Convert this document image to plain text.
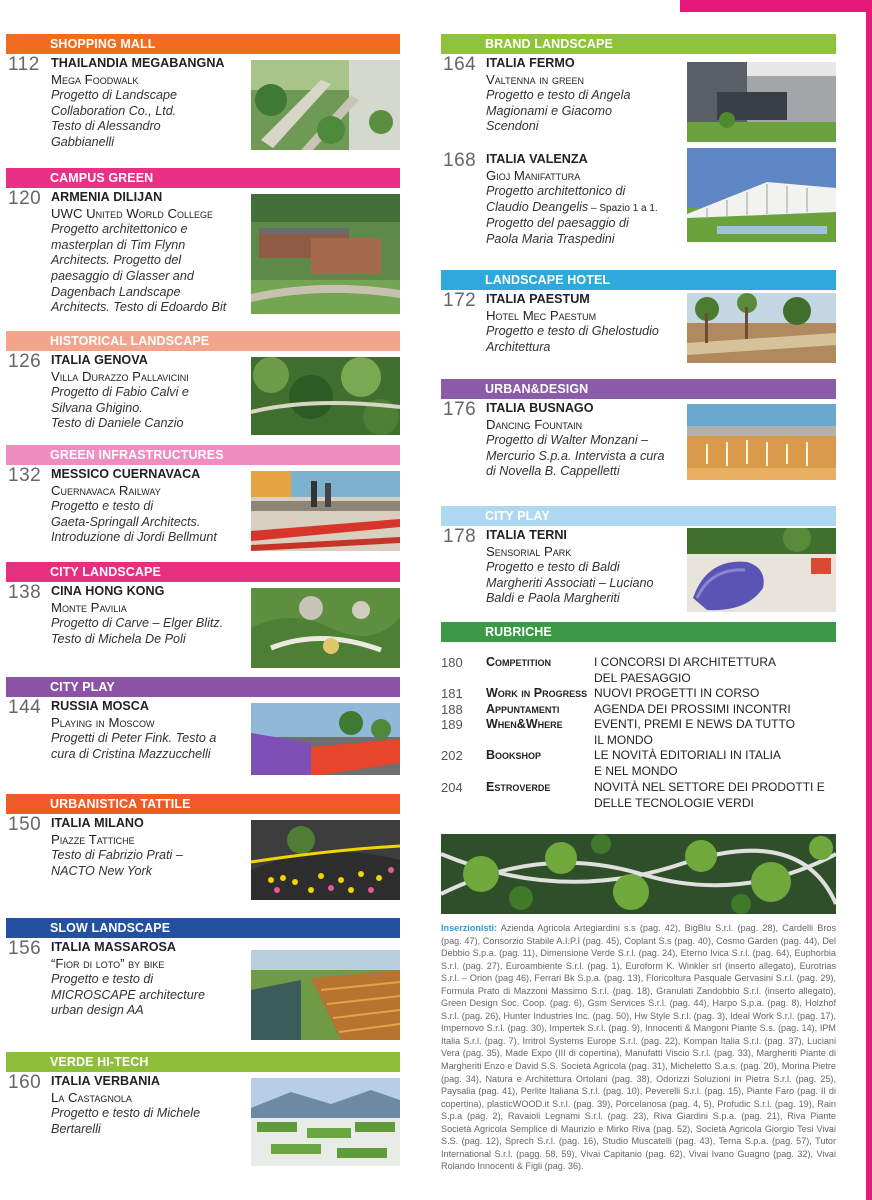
SHOPPING MALL
112 THAILANDIA MEGABANGNA
Mega Foodwalk
Progetto di Landscape
Collaboration Co., Ltd.
Testo di Alessandro
Gabbianelli
CAMPUS GREEN
120 ARMENIA DILIJAN
UWC United World College
Progetto architettonico e
masterplan di Tim Flynn
Architects. Progetto del
paesaggio di Glasser and
Dagenbach Landscape
Architects. Testo di Edoardo Bit
HISTORICAL LANDSCAPE
126 ITALIA GENOVA
Villa Durazzo Pallavicini
Progetto di Fabio Calvi e
Silvana Ghigino.
Testo di Daniele Canzio
GREEN INFRASTRUCTURES
132 MESSICO CUERNAVACA
Cuernavaca Railway
Progetto e testo di
Gaeta-Springall Architects.
Introduzione di Jordi Bellmunt
CITY LANDSCAPE
138 CINA HONG KONG
Monte Pavilia
Progetto di Carve – Elger Blitz.
Testo di Michela De Poli
CITY PLAY
144 RUSSIA MOSCA
Playing in Moscow
Progetti di Peter Fink. Testo a
cura di Cristina Mazzucchelli
URBANISTICA TATTILE
150 ITALIA MILANO
Piazze Tattiche
Testo di Fabrizio Prati –
NACTO New York
SLOW LANDSCAPE
156 ITALIA MASSAROSA
“Fior di loto” by bike
Progetto e testo di
MICROSCAPE architecture
urban design AA
VERDE HI-TECH
160 ITALIA VERBANIA
La Castagnola
Progetto e testo di Michele
Bertarelli
BRAND LANDSCAPE
164 ITALIA FERMO
Valtenna in green
Progetto e testo di Angela
Magionami e Giacomo
Scendoni
168 ITALIA VALENZA
Gioj Manifattura
Progetto architettonico di
Claudio Deangelis – Spazio 1 a 1.
Progetto del paesaggio di
Paola Maria Traspedini
LANDSCAPE HOTEL
172 ITALIA PAESTUM
Hotel Mec Paestum
Progetto e testo di Ghelostudio
Architettura
URBAN&DESIGN
176 ITALIA BUSNAGO
Dancing Fountain
Progetto di Walter Monzani –
Mercurio S.p.a. Intervista a cura
di Novella B. Cappelletti
CITY PLAY
178 ITALIA TERNI
Sensorial Park
Progetto e testo di Baldi
Margheriti Associati – Luciano
Baldi e Paola Margheriti
RUBRICHE
180	Competition	I CONCORSI DI ARCHITETTURA
DEL PAESAGGIO
181	Work in Progress NUOVI PROGETTI IN CORSO
188	Appuntamenti	AGENDA DEI PROSSIMI INCONTRI
189	When&Where	EVENTI, PREMI E NEWS DA TUTTO
IL MONDO
202	Bookshop	LE NOVITÀ EDITORIALI IN ITALIA
E NEL MONDO
204	Estroverde	NOVITÀ NEL SETTORE DEI PRODOTTI E
DELLE TECNOLOGIE VERDI
Inserzionisti: Azienda Agricola Artegiardini s.s (pag. 42), BigBlu S.r.l. (pag. 28), Cardelli Bros (pag. 47), Consorzio Stabile A.I.P.I (pag. 45), Coplant S.s (pag. 40), Cosmo Garden (pag. 44), Del Debbio S.p.a. (pag. 11), Dimensione Verde S.r.l. (pag. 24), Eterno Ivica S.r.l. (pag. 64), Euphorbia S.r.l. (pag. 27), Euroambiente S.r.l. (pag. 1), Euroform K. Winkler srl (inserto allegato), Eurotrias S.r.l. – Orion (pag 46), Ferrari Bk S.p.a. (pag. 13), Floricoltura Pasquale Gervasini S.r.l. (pag. 29), Formula Prato di Mazzoni Massimo S.r.l. (pag. 18), Granulati Zandobbio S.r.l. (inserto allegato), Green Design Soc. Coop. (pag. 6), Gsm Services S.r.l. (pag. 44), Harpo S.p.a. (pag. 8), Holzhof S.r.l. (pag. 26), Hunter Industries Inc. (pag. 50), Hw Style S.r.l. (pag. 3), Ideal Work S.r.l. (pag. 17), Impernovo S.r.l. (pag. 30), Impertek S.r.l. (pag. 9), Innocenti & Mangoni Piante S.s. (pag. 14), IPM Italia S.r.l. (pag. 7), Irritrol Systems Europe S.r.l. (pag. 22), Kompan Italia S.r.l. (pag. 37), Luciani Vera (pag. 35), Made Expo (III di copertina), Manufatti Viscio S.r.l. (pag. 33), Margheriti Piante di Margheriti Enzo e David S.S. Società Agricola (pag. 31), Micheletto S.a.s. (pag. 20), Morina Pietre (pag. 34), Natura e Architettura Ortolani (pag. 38), Odorizzi Soluzioni in Pietra S.r.l. (pag. 25), Paysalia (pag. 41), Perlite Italiana S.r.l. (pag. 10), Peverelli S.r.l. (pag. 15), Piante Faro (pag. II di copertina), plasticWOOD.it S.r.l. (pag. 39), Porcelanosa (pag. 4, 5), Profudic S.r.l. (pag. 19), Rain S.p.a (pag. 2), Ravaioli Legnami S.r.l. (pag. 23), Riva Giardini S.p.a. (pag. 21), Riva Piante Società Agricola Semplice di Maurizio e Mirko Riva (pag. 52), Società Agricola Giorgio Tesi Vivai S.S. (pag. 12), Sprech S.r.l. (pag. 16), Studio Muscatelli (pag. 43), Terna S.p.a. (pag. 57), Tutor International S.r.l. (pagg. 58, 59), Vivai Capitanio (pag. 62), Vivai Ivano Guagno (pag. 32), Vivai Rolando Innocenti & Figli (pag. 36).
